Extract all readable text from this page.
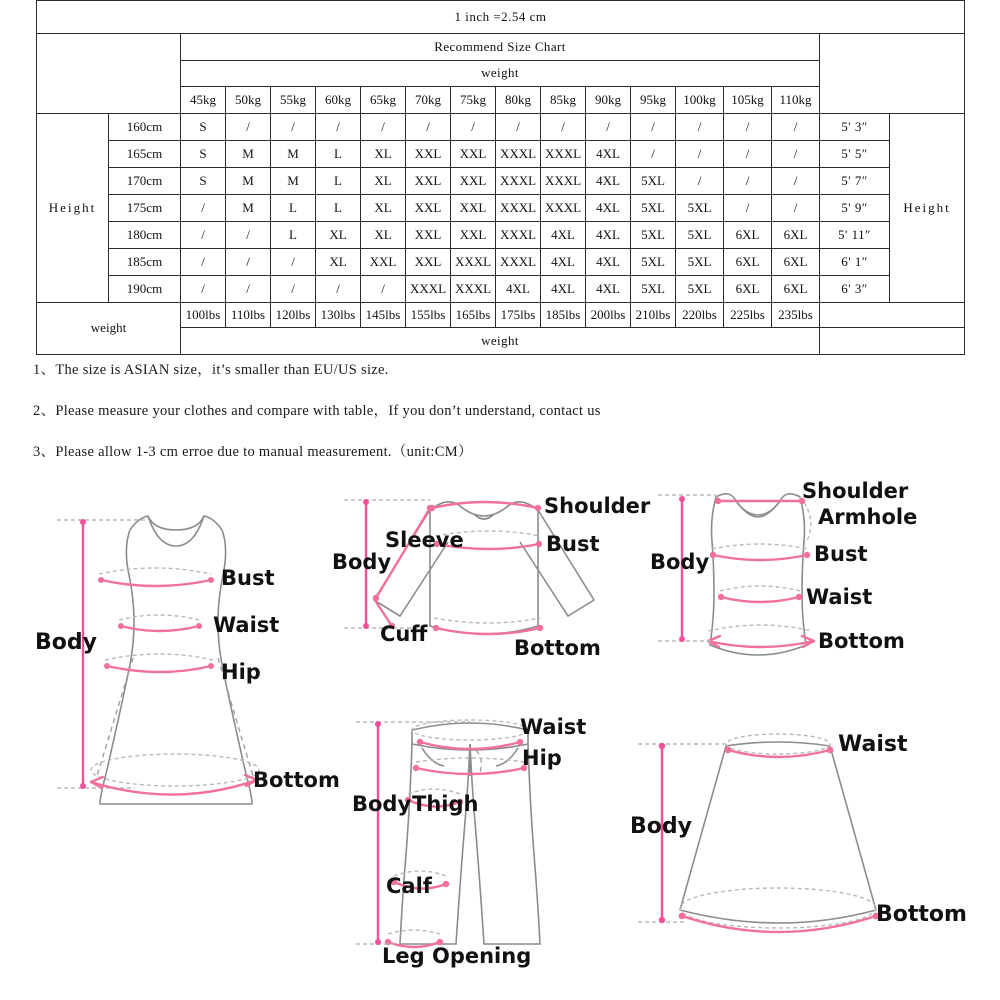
1 inch =2.54 cm																	
		Recommend Size Chart															
		weight															
		45kg	50kg	55kg	60kg	65kg	70kg	75kg	80kg	85kg	90kg	95kg	100kg	105kg	110kg		
Height	160cm	S	/	/	/	/	/	/	/	/	/	/	/	/	/	5' 3″	Height
	165cm	S	M	M	L	XL	XXL	XXL	XXXL	XXXL	4XL	/	/	/	/	5' 5″	
	170cm	S	M	M	L	XL	XXL	XXL	XXXL	XXXL	4XL	5XL	/	/	/	5' 7″	
	175cm	/	M	L	L	XL	XXL	XXL	XXXL	XXXL	4XL	5XL	5XL	/	/	5' 9″	
	180cm	/	/	L	XL	XL	XXL	XXL	XXXL	4XL	4XL	5XL	5XL	6XL	6XL	5' 11″	
	185cm	/	/	/	XL	XXL	XXL	XXXL	XXXL	4XL	4XL	5XL	5XL	6XL	6XL	6' 1″	
	190cm	/	/	/	/	/	XXXL	XXXL	4XL	4XL	4XL	5XL	5XL	6XL	6XL	6' 3″	
weight		100lbs	110lbs	120lbs	130lbs	145lbs	155lbs	165lbs	175lbs	185lbs	200lbs	210lbs	220lbs	225lbs	235lbs		
		weight															
1、The size is ASIAN size，it’s smaller than EU/US size.
2、Please measure your clothes and compare with table，If you don’t understand, contact us
3、Please allow 1-3 cm erroe due to manual measurement.（unit:CM）
Body
Bust
Waist
Hip
Bottom
Shoulder
Sleeve	Bust
Body
Cuff
Bottom
Shoulder
Armhole
Bust
Waist
Body
Bottom
Waist
Hip
Body Thigh
Calf
Leg Opening
Waist
Body
Bottom
